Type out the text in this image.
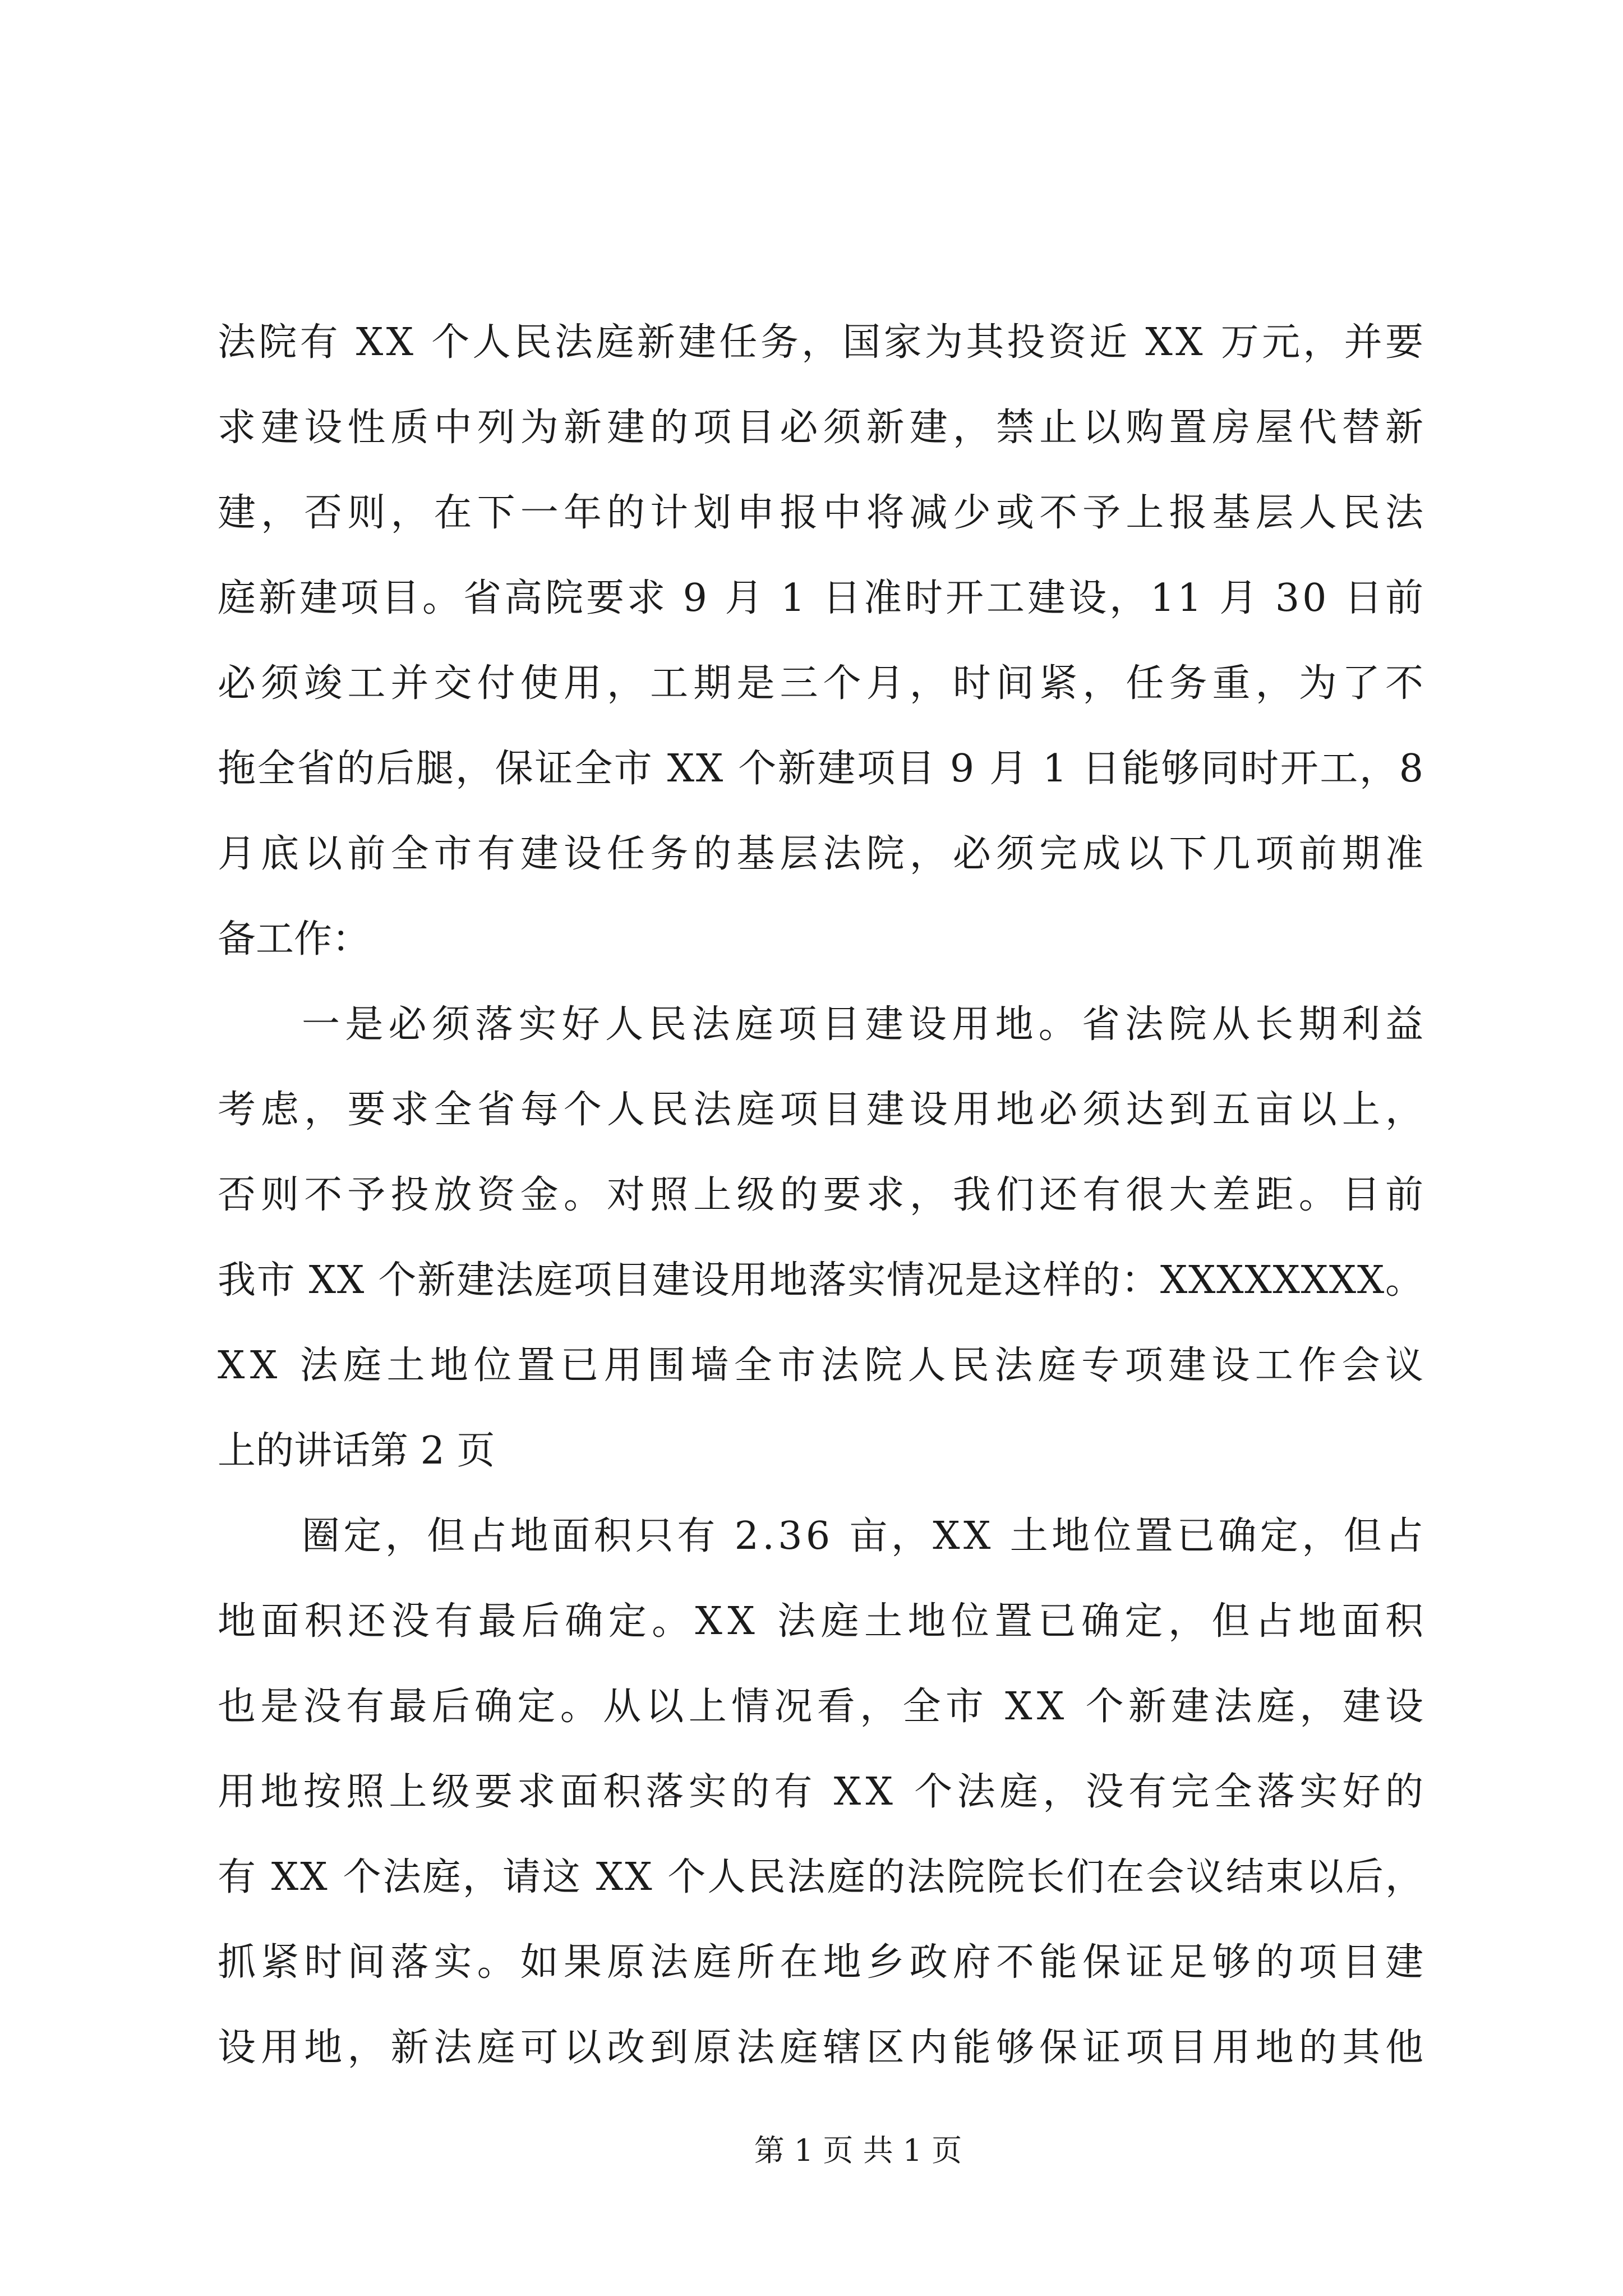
法院有 XX 个人民法庭新建任务，国家为其投资近 XX 万元，并要
求建设性质中列为新建的项目必须新建，禁止以购置房屋代替新
建，否则，在下一年的计划申报中将减少或不予上报基层人民法
庭新建项目。省高院要求 9 月 1 日准时开工建设，11 月 30 日前
必须竣工并交付使用，工期是三个月，时间紧，任务重，为了不
拖全省的后腿，保证全市 XX 个新建项目 9 月 1 日能够同时开工，8
月底以前全市有建设任务的基层法院，必须完成以下几项前期准
备工作：
一是必须落实好人民法庭项目建设用地。省法院从长期利益
考虑，要求全省每个人民法庭项目建设用地必须达到五亩以上，
否则不予投放资金。对照上级的要求，我们还有很大差距。目前
我市 XX 个新建法庭项目建设用地落实情况是这样的：XXXXXXXX。
XX 法庭土地位置已用围墙全市法院人民法庭专项建设工作会议
上的讲话第 2 页
圈定，但占地面积只有 2.36 亩，XX 土地位置已确定，但占
地面积还没有最后确定。XX 法庭土地位置已确定，但占地面积
也是没有最后确定。从以上情况看，全市 XX 个新建法庭，建设
用地按照上级要求面积落实的有 XX 个法庭，没有完全落实好的
有 XX 个法庭，请这 XX 个人民法庭的法院院长们在会议结束以后，
抓紧时间落实。如果原法庭所在地乡政府不能保证足够的项目建
设用地，新法庭可以改到原法庭辖区内能够保证项目用地的其他
第 1 页 共 1 页
